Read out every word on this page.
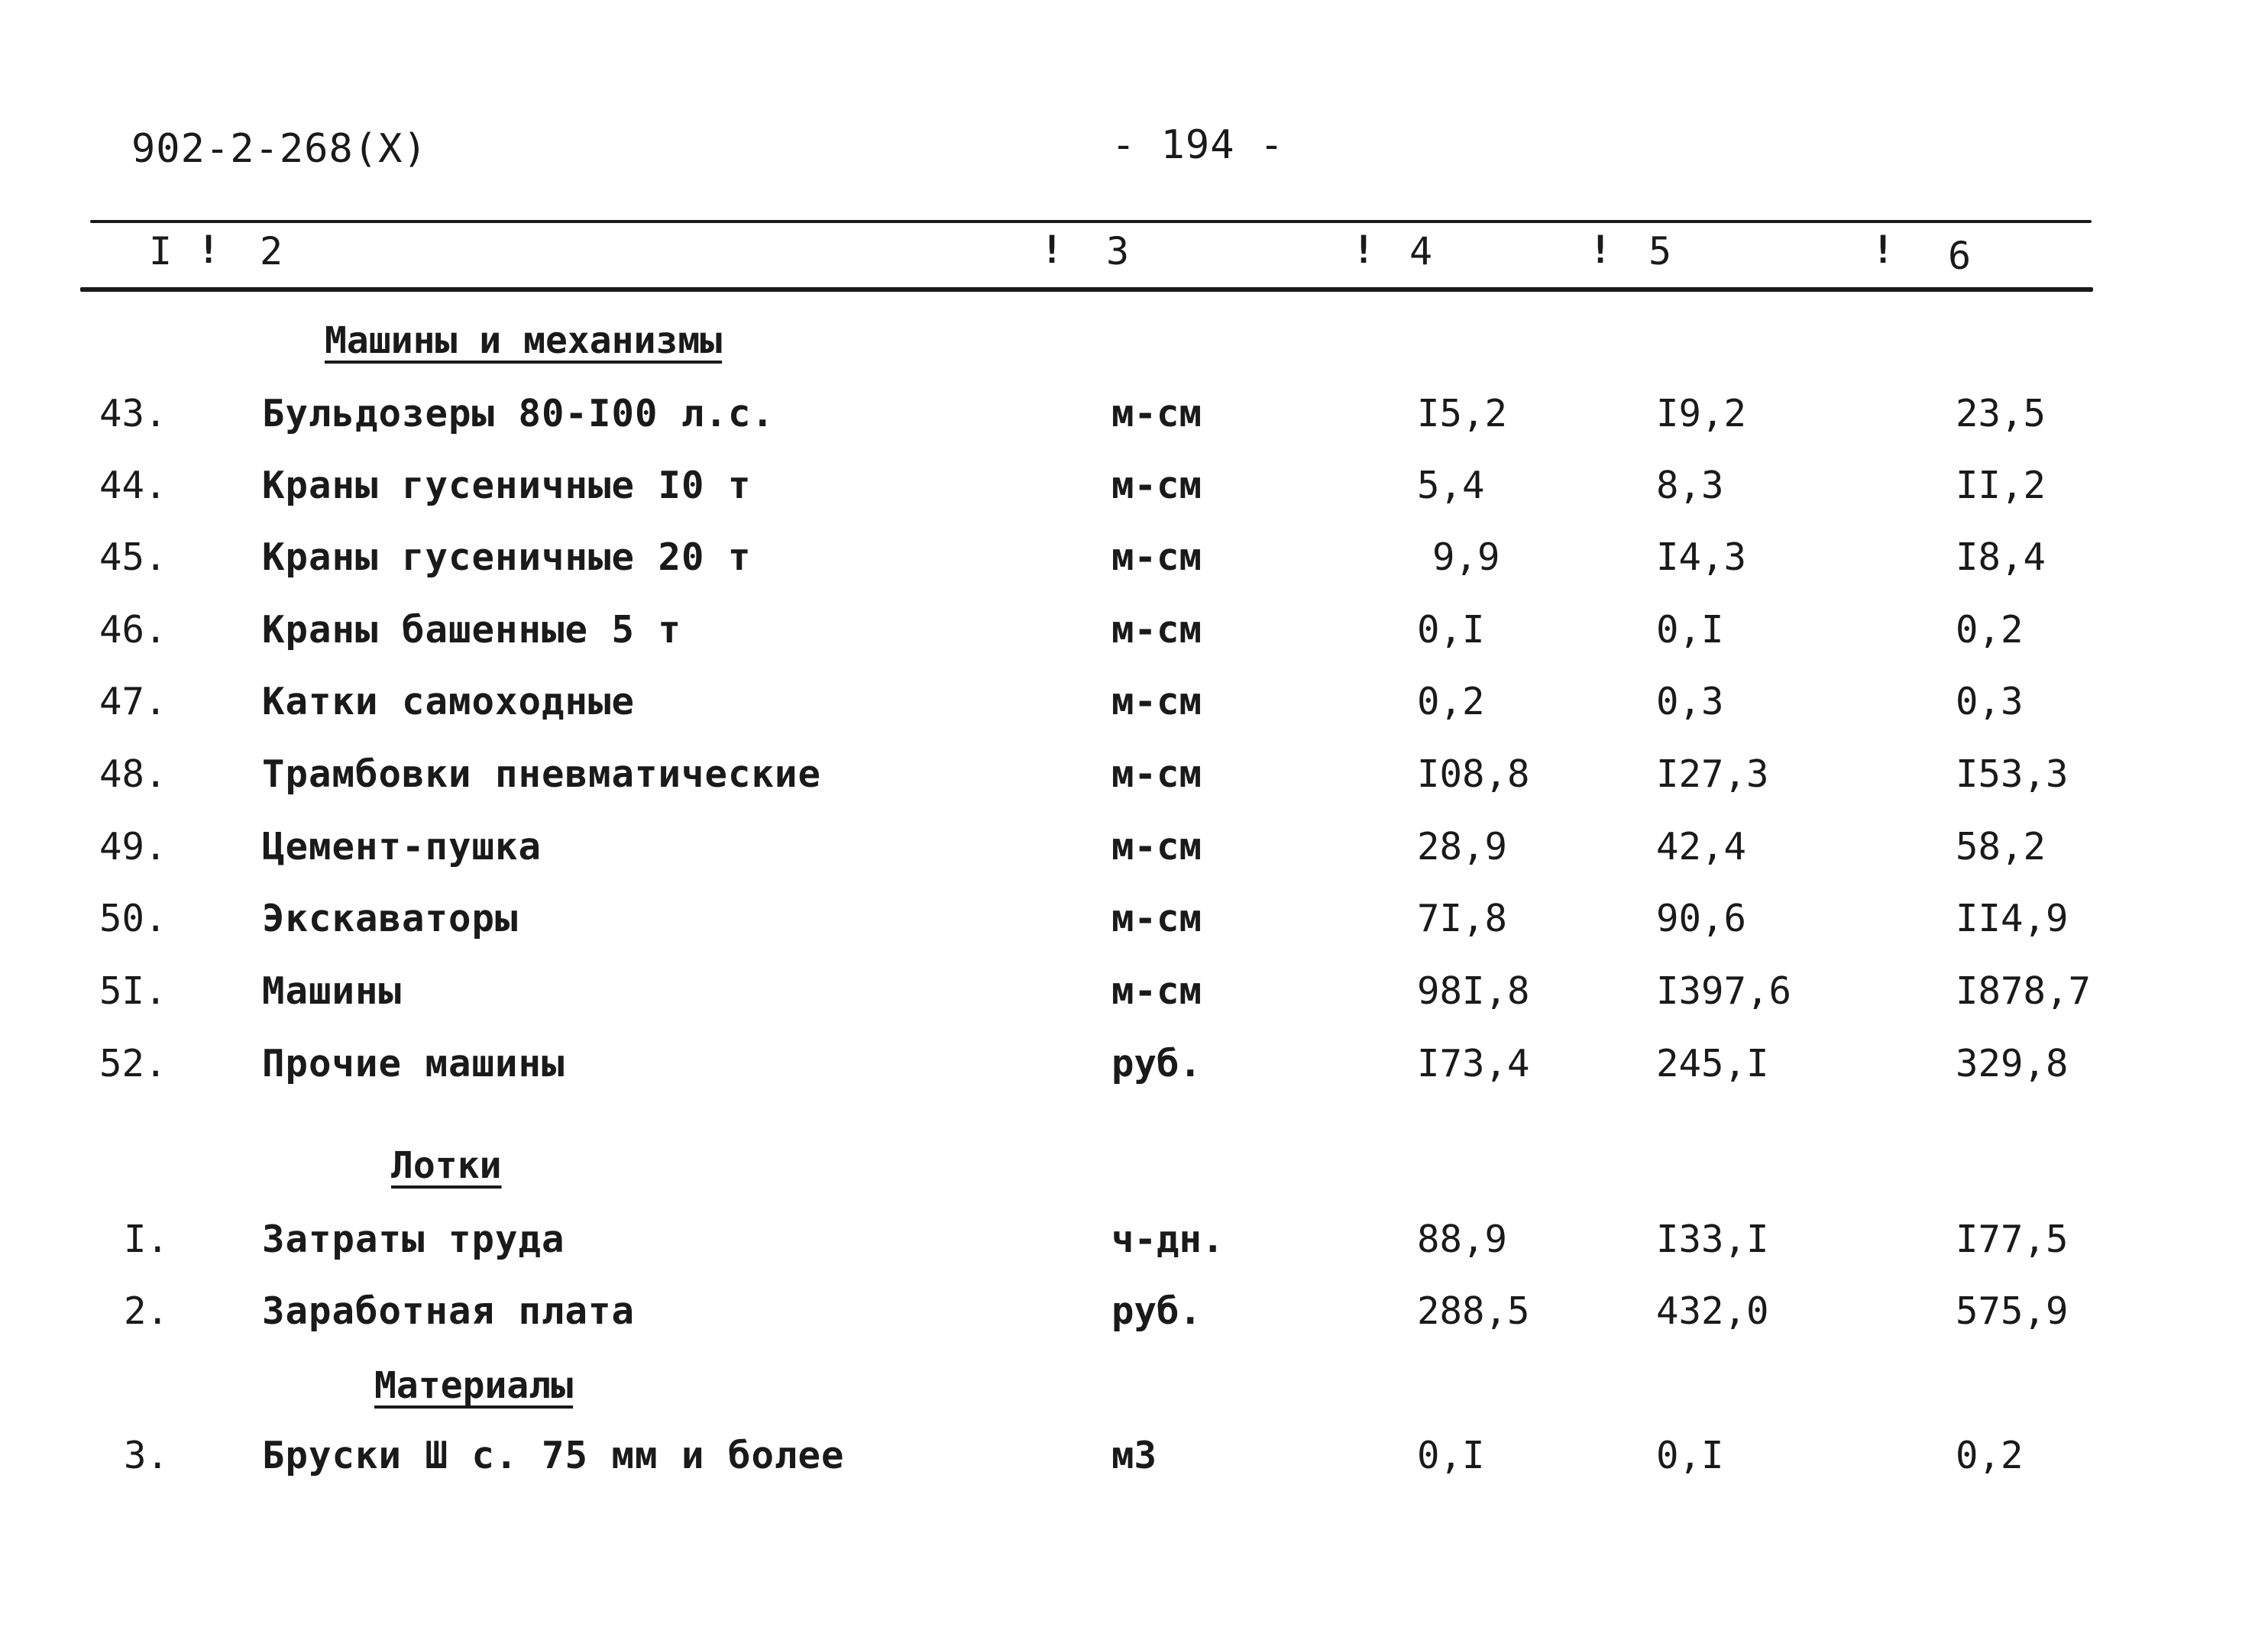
902-2-268(X)	- 194 -
I ! 2	! 3	! 4	! 5	! 6
Машины и механизмы
43.	Бульдозеры 80-I00 л.с.	м-см	I5,2	I9,2	23,5
44.	Краны гусеничные I0 т	м-см	5,4	8,3	II,2
45.	Краны гусеничные 20 т	м-см	9,9	I4,3	I8,4
46.	Краны башенные 5 т	м-см	0,I	0,I	0,2
47.	Катки самоходные	м-см	0,2	0,3	0,3
48.	Трамбовки пневматические	м-см	I08,8	I27,3	I53,3
49.	Цемент-пушка	м-см	28,9	42,4	58,2
50.	Экскаваторы	м-см	7I,8	90,6	II4,9
5I.	Машины	м-см	98I,8	I397,6	I878,7
52.	Прочие машины	руб.	I73,4	245,I	329,8
Лотки
I. Затраты труда	ч-дн.	88,9	I33,I	I77,5
2. Заработная плата	руб.	288,5	432,0	575,9
Материалы
3. Бруски Ш с. 75 мм и более	м3	0,I	0,I	0,2
